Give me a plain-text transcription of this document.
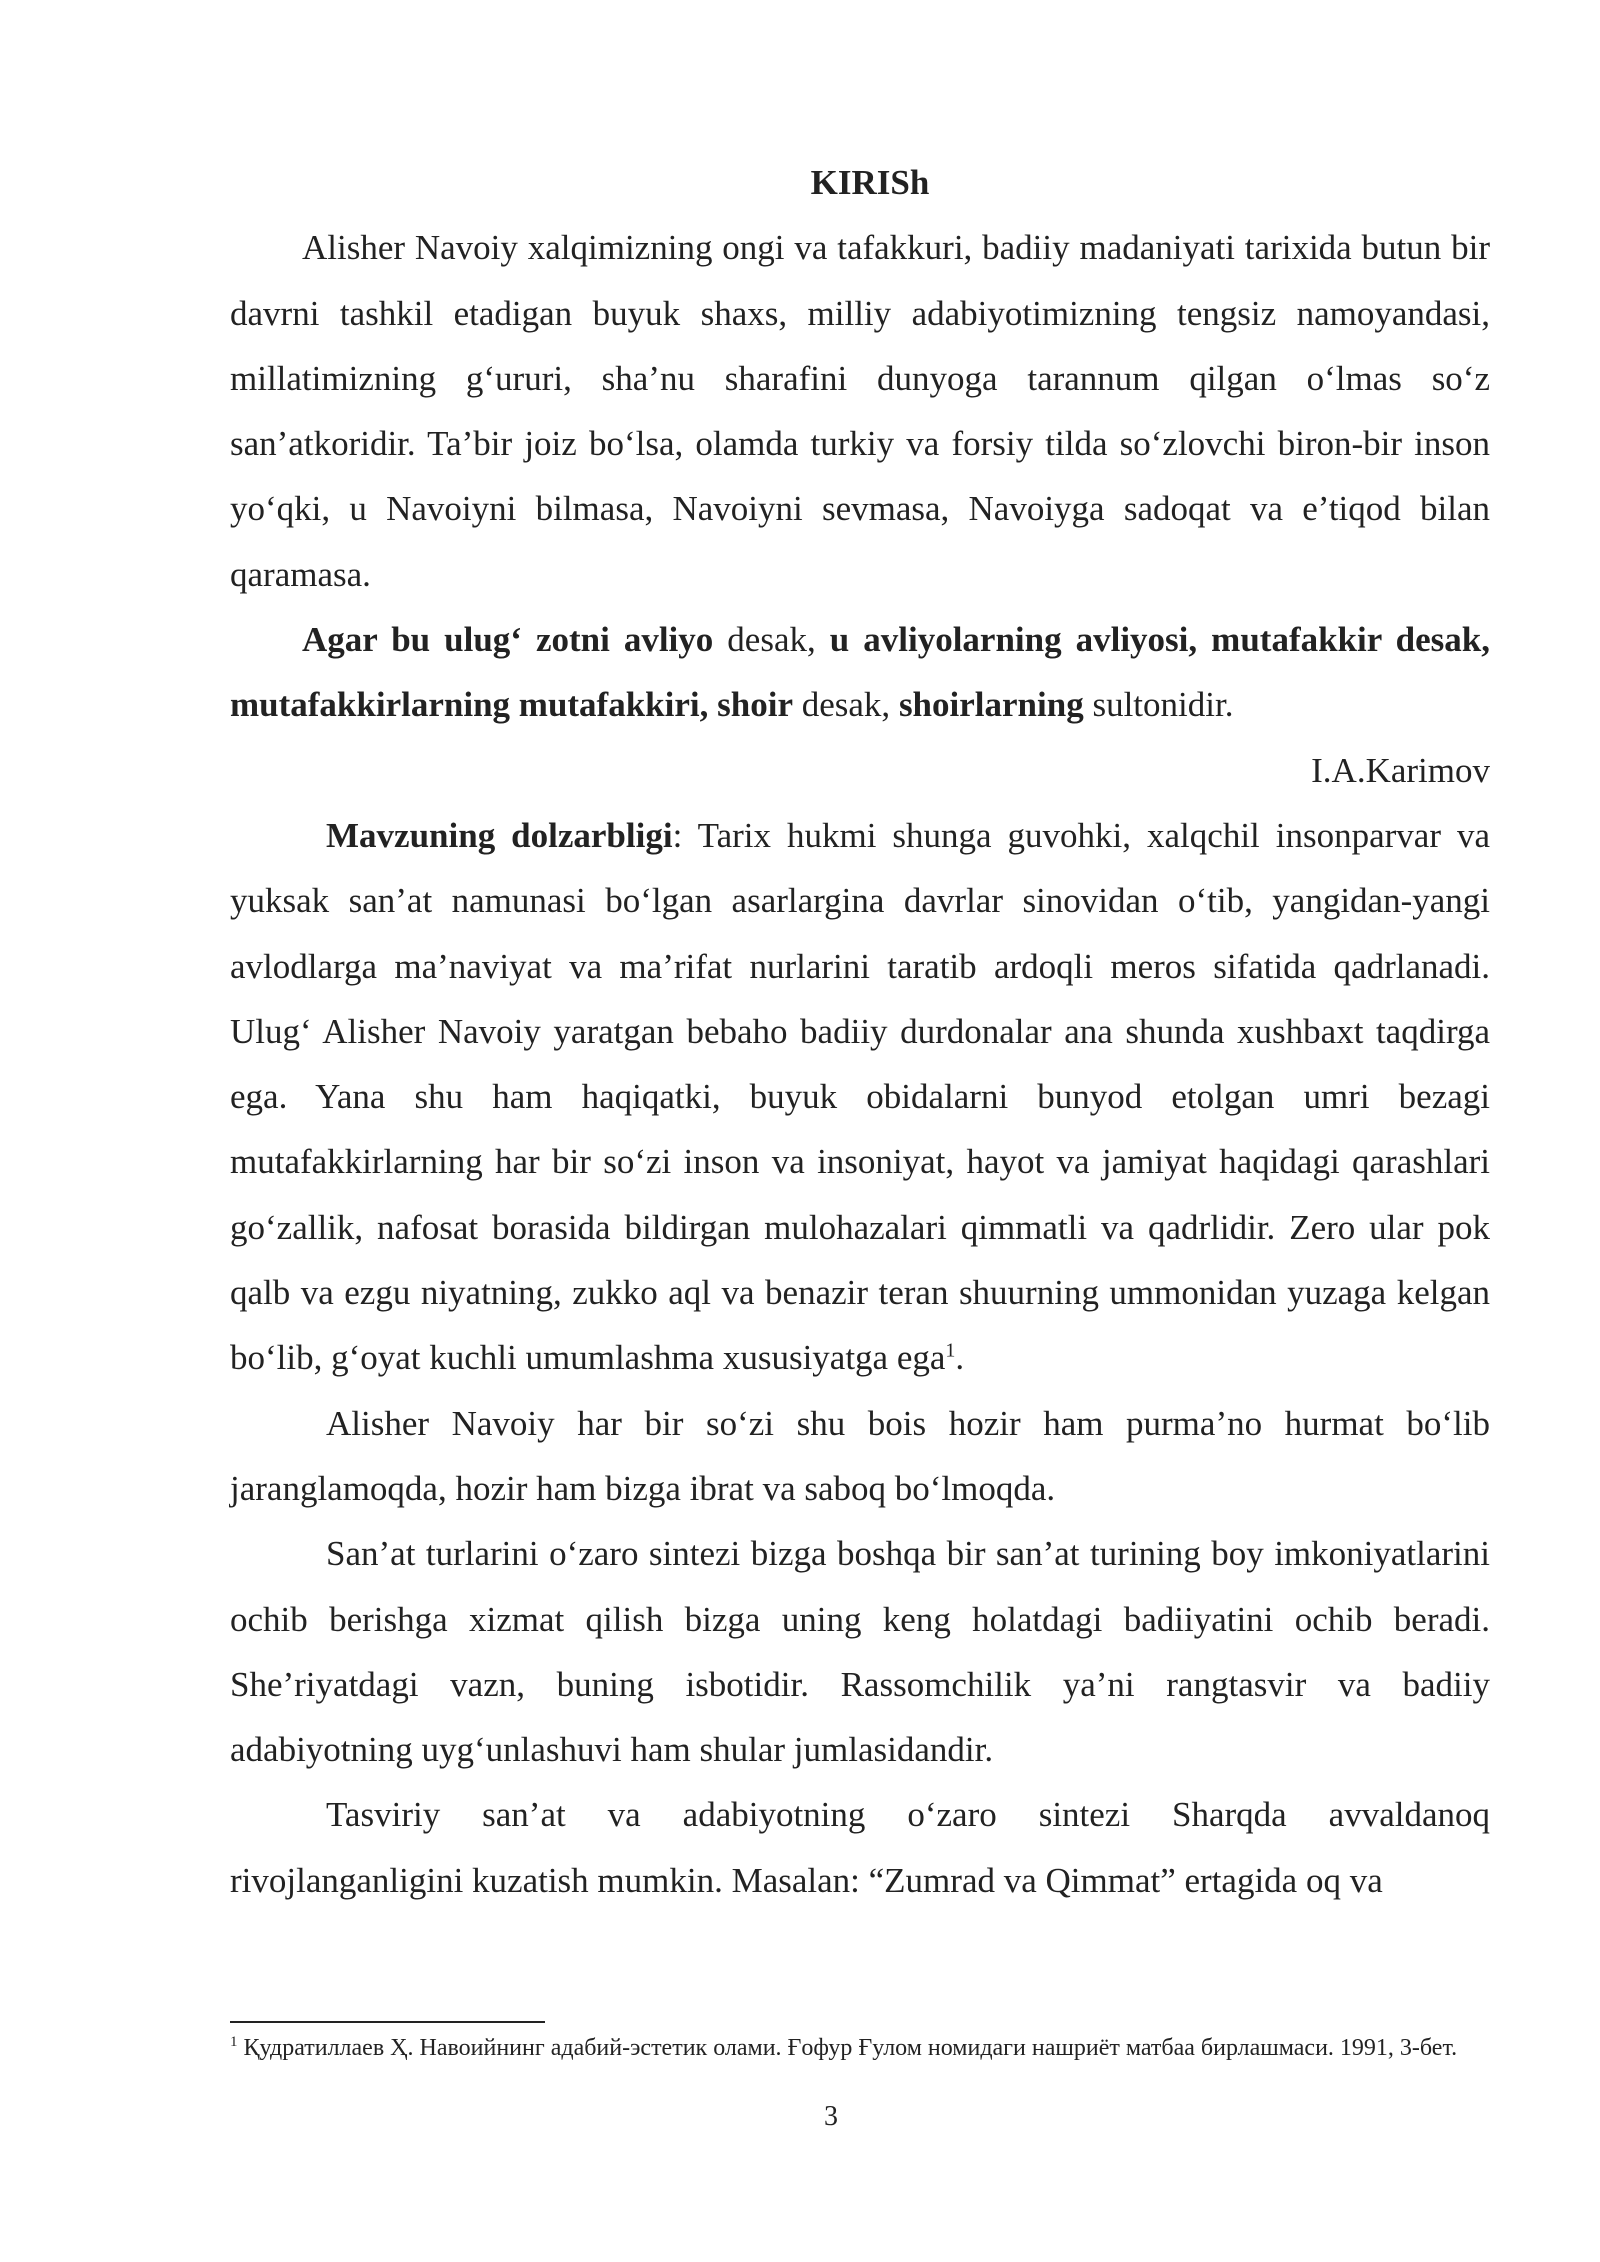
KIRISh

Alisher Navoiy xalqimizning ongi va tafakkuri, badiiy madaniyati tarixida butun bir davrni tashkil etadigan buyuk shaxs, milliy adabiyotimizning tengsiz namoyandasi, millatimizning g‘ururi, sha’nu sharafini dunyoga tarannum qilgan o‘lmas so‘z san’atkoridir. Ta’bir joiz bo‘lsa, olamda turkiy va forsiy tilda so‘zlovchi biron-bir inson yo‘qki, u Navoiyni bilmasa, Navoiyni sevmasa, Navoiyga sadoqat va e’tiqod bilan qaramasa.

Agar bu ulug‘ zotni avliyo desak, u avliyolarning avliyosi, mutafakkir desak, mutafakkirlarning mutafakkiri, shoir desak, shoirlarning sultonidir.

I.A.Karimov

Mavzuning dolzarbligi: Tarix hukmi shunga guvohki, xalqchil insonparvar va yuksak san’at namunasi bo‘lgan asarlargina davrlar sinovidan o‘tib, yangidan-yangi avlodlarga ma’naviyat va ma’rifat nurlarini taratib ardoqli meros sifatida qadrlanadi. Ulug‘ Alisher Navoiy yaratgan bebaho badiiy durdonalar ana shunda xushbaxt taqdirga ega. Yana shu ham haqiqatki, buyuk obidalarni bunyod etolgan umri bezagi mutafakkirlarning har bir so‘zi inson va insoniyat, hayot va jamiyat haqidagi qarashlari go‘zallik, nafosat borasida bildirgan mulohazalari qimmatli va qadrlidir. Zero ular pok qalb va ezgu niyatning, zukko aql va benazir teran shuurning ummonidan yuzaga kelgan bo‘lib, g‘oyat kuchli umumlashma xususiyatga ega$^1$.

Alisher Navoiy har bir so‘zi shu bois hozir ham purma’no hurmat bo‘lib jaranglamoqda, hozir ham bizga ibrat va saboq bo‘lmoqda.

San’at turlarini o‘zaro sintezi bizga boshqa bir san’at turining boy imkoniyatlarini ochib berishga xizmat qilish bizga uning keng holatdagi badiiyatini ochib beradi. She’riyatdagi vazn, buning isbotidir. Rassomchilik ya’ni rangtasvir va badiiy adabiyotning uyg‘unlashuvi ham shular jumlasidandir.

Tasviriy san’at va adabiyotning o‘zaro sintezi Sharqda avvaldanoq rivojlanganligini kuzatish mumkin. Masalan: “Zumrad va Qimmat” ertagida oq va

$^1$ Қудратиллаев Ҳ. Навоийнинг адабий-эстетик олами. Ғофур Ғулом номидаги нашриёт матбаа бирлашмаси. 1991, 3-бет.
3
